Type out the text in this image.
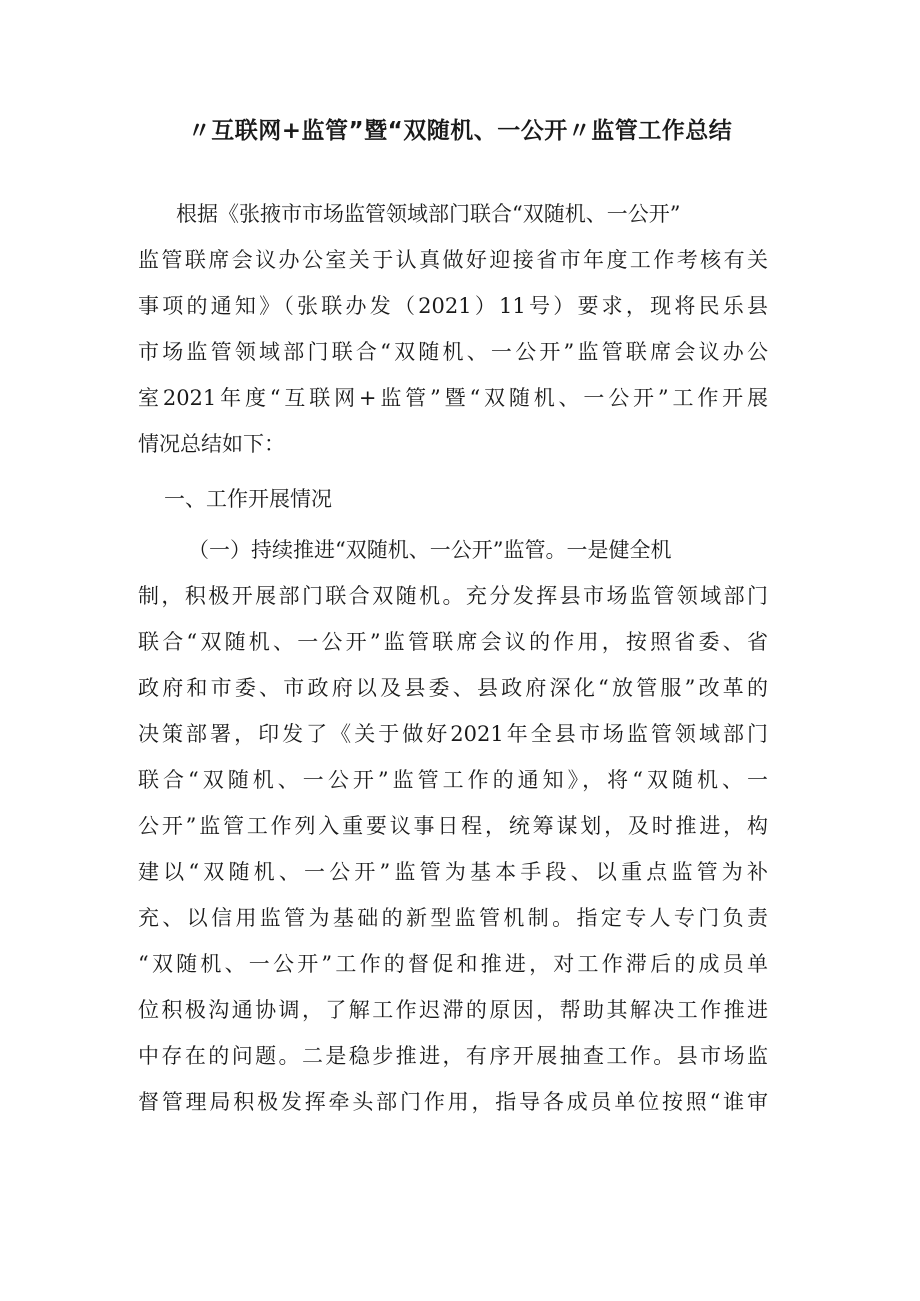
〃互联网+监管”暨“双随机、一公开〃监管工作总结
根据《张掖市市场监管领域部门联合“双随机、一公开”
监管联席会议办公室关于认真做好迎接省市年度工作考核有关
事项的通知》（张联办发（2021）11号）要求，现将民乐县
市场监管领域部门联合“双随机、一公开”监管联席会议办公
室2021年度“互联网+监管”暨“双随机、一公开”工作开展
情况总结如下：
一、工作开展情况
（一）持续推进“双随机、一公开”监管。一是健全机
制，积极开展部门联合双随机。充分发挥县市场监管领域部门
联合“双随机、一公开”监管联席会议的作用，按照省委、省
政府和市委、市政府以及县委、县政府深化“放管服”改革的
决策部署，印发了《关于做好2021年全县市场监管领域部门
联合“双随机、一公开”监管工作的通知》，将“双随机、一
公开”监管工作列入重要议事日程，统筹谋划，及时推进，构
建以“双随机、一公开”监管为基本手段、以重点监管为补
充、以信用监管为基础的新型监管机制。指定专人专门负责
“双随机、一公开”工作的督促和推进，对工作滞后的成员单
位积极沟通协调，了解工作迟滞的原因，帮助其解决工作推进
中存在的问题。二是稳步推进，有序开展抽查工作。县市场监
督管理局积极发挥牵头部门作用，指导各成员单位按照“谁审
